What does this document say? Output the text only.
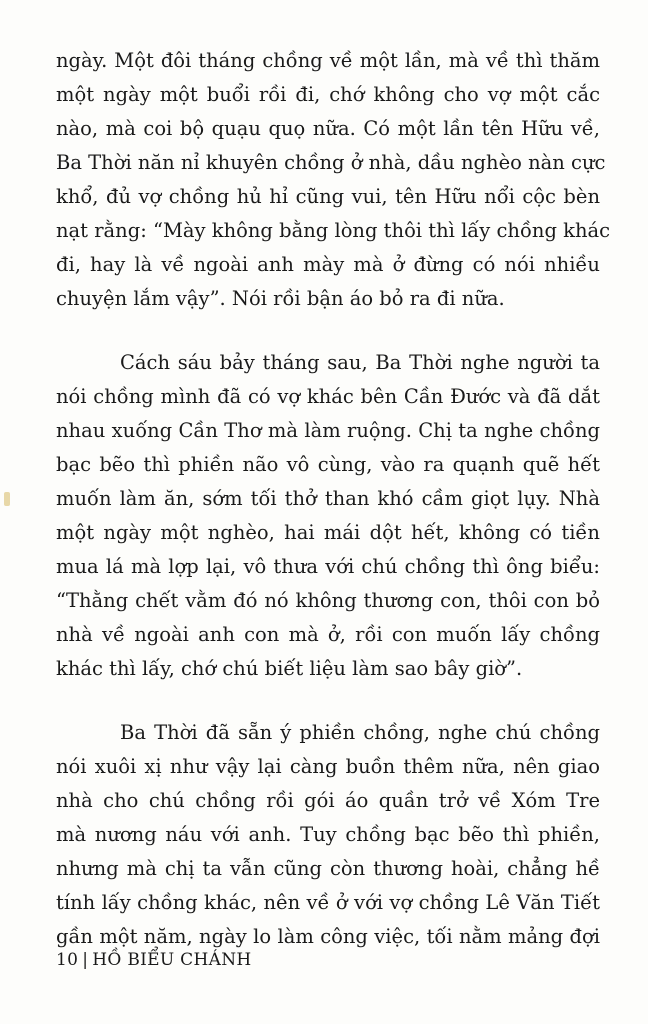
ngày. Một đôi tháng chồng về một lần, mà về thì thăm
một ngày một buổi rồi đi, chớ không cho vợ một cắc
nào, mà coi bộ quạu quọ nữa. Có một lần tên Hữu về,
Ba Thời năn nỉ khuyên chồng ở nhà, dầu nghèo nàn cực
khổ, đủ vợ chồng hủ hỉ cũng vui, tên Hữu nổi cộc bèn
nạt rằng: “Mày không bằng lòng thôi thì lấy chồng khác
đi, hay là về ngoài anh mày mà ở đừng có nói nhiều
chuyện lắm vậy”. Nói rồi bận áo bỏ ra đi nữa.
Cách sáu bảy tháng sau, Ba Thời nghe người ta
nói chồng mình đã có vợ khác bên Cần Đước và đã dắt
nhau xuống Cần Thơ mà làm ruộng. Chị ta nghe chồng
bạc bẽo thì phiền não vô cùng, vào ra quạnh quẽ hết
muốn làm ăn, sớm tối thở than khó cầm giọt lụy. Nhà
một ngày một nghèo, hai mái dột hết, không có tiền
mua lá mà lợp lại, vô thưa với chú chồng thì ông biểu:
“Thằng chết vằm đó nó không thương con, thôi con bỏ
nhà về ngoài anh con mà ở, rồi con muốn lấy chồng
khác thì lấy, chớ chú biết liệu làm sao bây giờ”.
Ba Thời đã sẵn ý phiền chồng, nghe chú chồng
nói xuôi xị như vậy lại càng buồn thêm nữa, nên giao
nhà cho chú chồng rồi gói áo quần trở về Xóm Tre
mà nương náu với anh. Tuy chồng bạc bẽo thì phiền,
nhưng mà chị ta vẫn cũng còn thương hoài, chẳng hề
tính lấy chồng khác, nên về ở với vợ chồng Lê Văn Tiết
gần một năm, ngày lo làm công việc, tối nằm mảng đợi
10 | HỒ BIỂU CHÁNH
